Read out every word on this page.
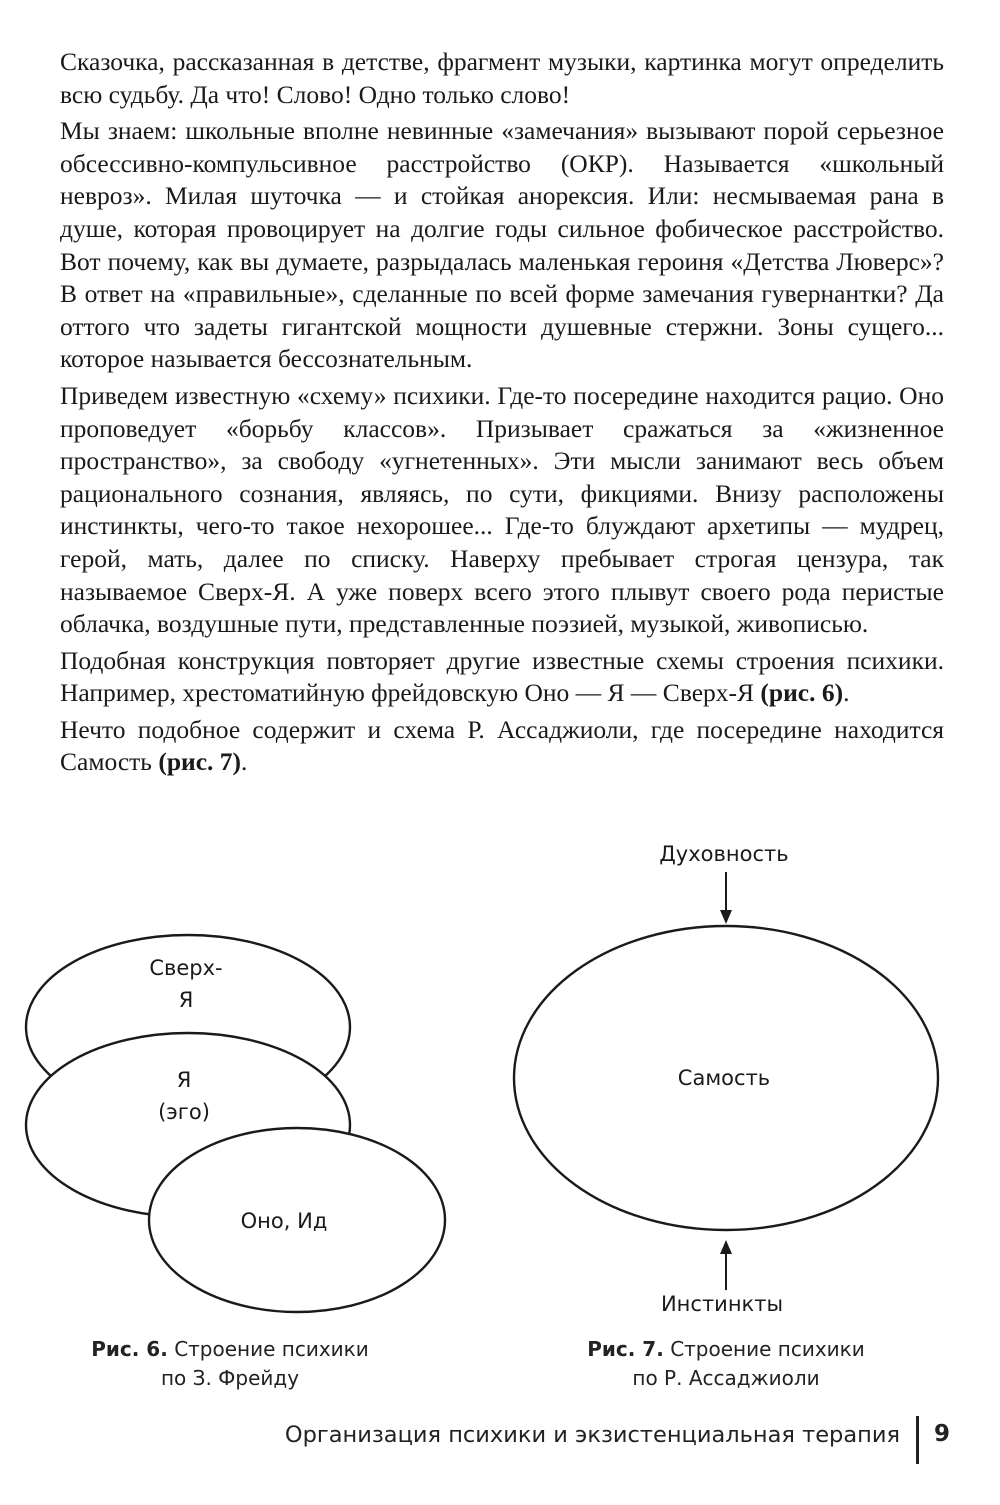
Сказочка, рассказанная в детстве, фрагмент музыки, картинка могут определить всю судьбу. Да что! Слово! Одно только слово!

Мы знаем: школьные вполне невинные «замечания» вызывают порой серьезное обсессивно-компульсивное расстройство (ОКР). Называется «школьный невроз». Милая шуточка — и стойкая анорексия. Или: несмываемая рана в душе, которая провоцирует на долгие годы сильное фобическое расстройство. Вот почему, как вы думаете, разрыдалась маленькая героиня «Детства Люверс»? В ответ на «правильные», сделанные по всей форме замечания гувернантки? Да оттого что задеты гигантской мощности душевные стержни. Зоны сущего... которое называется бессознательным.

Приведем известную «схему» психики. Где-то посередине находится рацио. Оно проповедует «борьбу классов». Призывает сражаться за «жизненное пространство», за свободу «угнетенных». Эти мысли занимают весь объем рационального сознания, являясь, по сути, фикциями. Внизу расположены инстинкты, чего-то такое нехорошее... Где-то блуждают архетипы — мудрец, герой, мать, далее по списку. Наверху пребывает строгая цензура, так называемое Сверх-Я. А уже поверх всего этого плывут своего рода перистые облачка, воздушные пути, представленные поэзией, музыкой, живописью.

Подобная конструкция повторяет другие известные схемы строения психики. Например, хрестоматийную фрейдовскую Оно — Я — Сверх-Я (рис. 6).

Нечто подобное содержит и схема Р. Ассаджиоли, где посередине находится Самость (рис. 7).

Сверх-
Я
Я
(эго)
Оно, Ид
Духовность
Самость
Инстинкты
Рис. 6. Строение психики
по З. Фрейду
Рис. 7. Строение психики
по Р. Ассаджиоли
Организация психики и экзистенциальная терапия 9
